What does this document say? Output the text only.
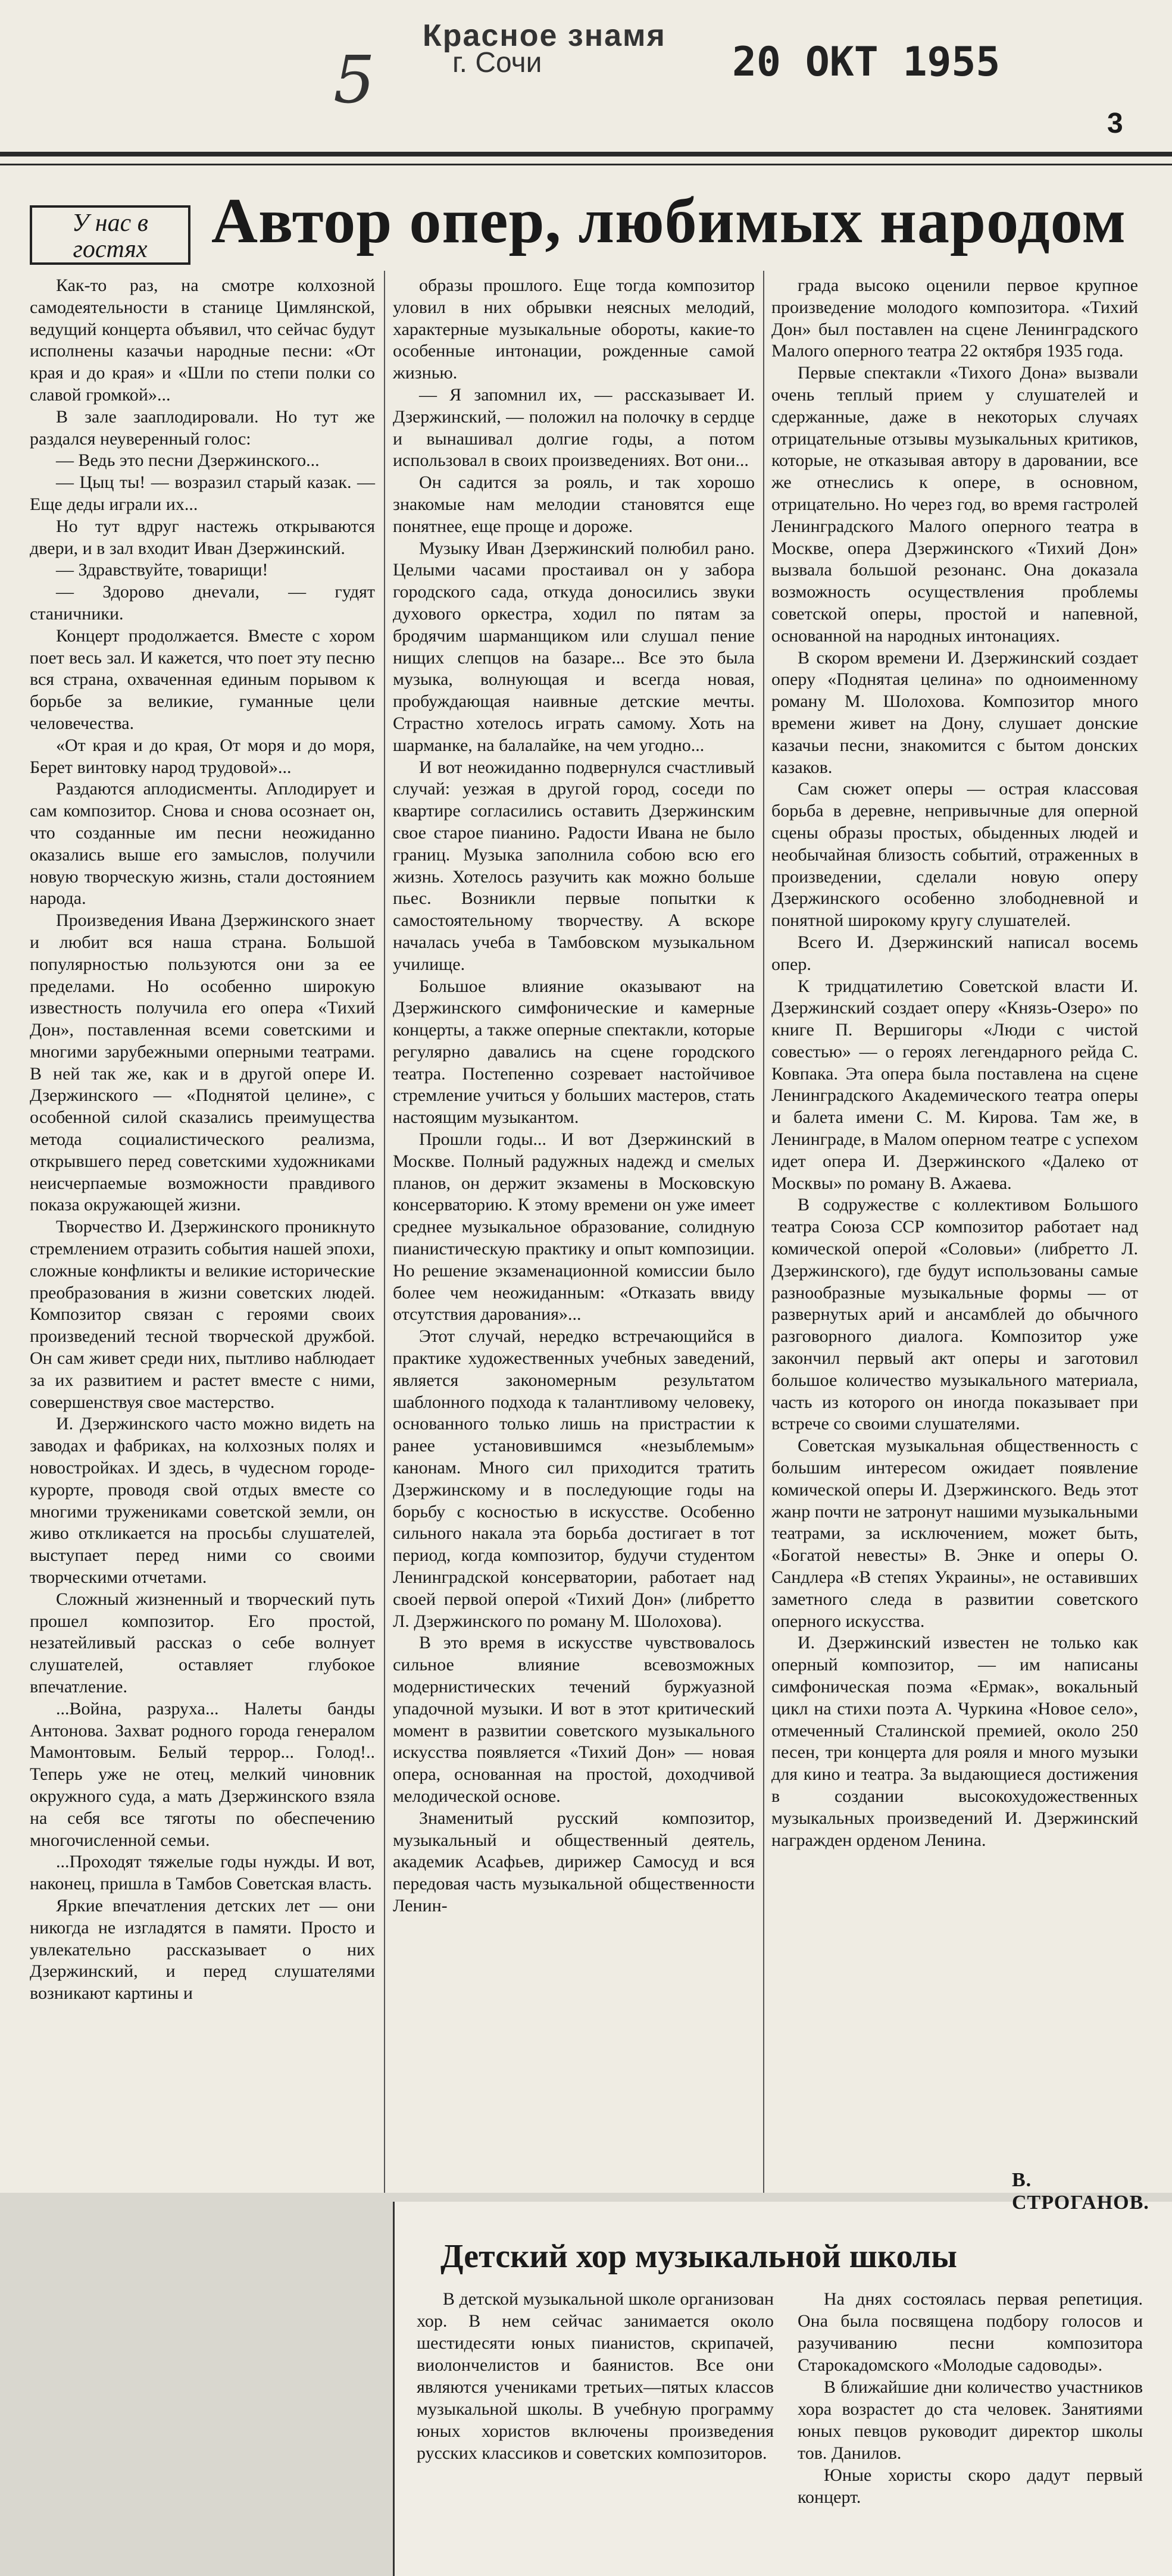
5
Красное знамя
г. Сочи	20 ОКТ 1955
3
У нас в гостях Автор опер, любимых народом

Как-то раз, на смотре колхозной самодеятельности в станице Цимлянской, ведущий концерта объявил, что сейчас будут исполнены казачьи народные песни: «От края и до края» и «Шли по степи полки со славой громкой»...

В зале зааплодировали. Но тут же раздался неуверенный голос:

— Ведь это песни Дзержинского...

— Цыц ты! — возразил старый казак. — Еще деды играли их...

Но тут вдруг настежь открываются двери, и в зал входит Иван Дзержинский.

— Здравствуйте, товарищи!

— Здорово днevали, — гудят станичники.

Концерт продолжается. Вместе с хором поет весь зал. И кажется, что поет эту песню вся страна, охваченная единым порывом к борьбе за великие, гуманные цели человечества.

«От края и до края, От моря и до моря, Берет винтовку народ трудовой»...

Раздаются аплодисменты. Аплодирует и сам композитор. Снова и снова осознает он, что созданные им песни неожиданно оказались выше его замыслов, получили новую творческую жизнь, стали достоянием народа.

Произведения Ивана Дзержинского знает и любит вся наша страна. Большой популярностью пользуются они за ее пределами. Но особенно широкую известность получила его опера «Тихий Дон», поставленная всеми советскими и многими зарубежными оперными театрами. В ней так же, как и в другой опере И. Дзержинского — «Поднятой целине», с особенной силой сказались преимущества метода социалистического реализма, открывшего перед советскими художниками неисчерпаемые возможности правдивого показа окружающей жизни.

Творчество И. Дзержинского проникнуто стремлением отразить события нашей эпохи, сложные конфликты и великие исторические преобразования в жизни советских людей. Композитор связан с героями своих произведений тесной творческой дружбой. Он сам живет среди них, пытливо наблюдает за их развитием и растет вместе с ними, совершенствуя свое мастерство.

И. Дзержинского часто можно видеть на заводах и фабриках, на колхозных полях и новостройках. И здесь, в чудесном городе-курорте, проводя свой отдых вместе со многими тружениками советской земли, он живо откликается на просьбы слушателей, выступает перед ними со своими творческими отчетами.

Сложный жизненный и творческий путь прошел композитор. Его простой, незатейливый рассказ о себе волнует слушателей, оставляет глубокое впечатление.

...Война, разруха... Налеты банды Антонова. Захват родного города генералом Мамонтовым. Белый террор... Голод!.. Теперь уже не отец, мелкий чиновник окружного суда, а мать Дзержинского взяла на себя все тяготы по обеспечению многочисленной семьи.

...Проходят тяжелые годы нужды. И вот, наконец, пришла в Тамбов Советская власть.

Яркие впечатления детских лет — они никогда не изгладятся в памяти. Просто и увлекательно рассказывает о них Дзержинский, и перед слушателями возникают картины и

образы прошлого. Еще тогда композитор уловил в них обрывки неясных мелодий, характерные музыкальные обороты, какие-то особенные интонации, рожденные самой жизнью.

— Я запомнил их, — рассказывает И. Дзержинский, — положил на полочку в сердце и вынашивал долгие годы, а потом использовал в своих произведениях. Вот они...

Он садится за рояль, и так хорошо знакомые нам мелодии становятся еще понятнее, еще проще и дороже.

Музыку Иван Дзержинский полюбил рано. Целыми часами простаивал он у забора городского сада, откуда доносились звуки духового оркестра, ходил по пятам за бродячим шарманщиком или слушал пение нищих слепцов на базаре... Все это была музыка, волнующая и всегда новая, пробуждающая наивные детские мечты. Страстно хотелось играть самому. Хоть на шарманке, на балалайке, на чем угодно...

И вот неожиданно подвернулся счастливый случай: уезжая в другой город, соседи по квартире согласились оставить Дзержинским свое старое пианино. Радости Ивана не было границ. Музыка заполнила собою всю его жизнь. Хотелось разучить как можно больше пьес. Возникли первые попытки к самостоятельному творчеству. А вскоре началась учеба в Тамбовском музыкальном училище.

Большое влияние оказывают на Дзержинского симфонические и камерные концерты, а также оперные спектакли, которые регулярно давались на сцене городского театра. Постепенно созревает настойчивое стремление учиться у больших мастеров, стать настоящим музыкантом.

Прошли годы... И вот Дзержинский в Москве. Полный радужных надежд и смелых планов, он держит экзамены в Московскую консерваторию. К этому времени он уже имеет среднее музыкальное образование, солидную пианистическую практику и опыт композиции. Но решение экзаменационной комиссии было более чем неожиданным: «Отказать ввиду отсутствия дарования»...

Этот случай, нередко встречающийся в практике художественных учебных заведений, является закономерным результатом шаблонного подхода к талантливому человеку, основанного только лишь на пристрастии к ранее установившимся «незыблемым» канонам. Много сил приходится тратить Дзержинскому и в последующие годы на борьбу с косностью в искусстве. Особенно сильного накала эта борьба достигает в тот период, когда композитор, будучи студентом Ленинградской консерватории, работает над своей первой оперой «Тихий Дон» (либретто Л. Дзержинского по роману М. Шолохова).

В это время в искусстве чувствовалось сильное влияние всевозможных модернистических течений буржуазной упадочной музыки. И вот в этот критический момент в развитии советского музыкального искусства появляется «Тихий Дон» — новая опера, основанная на простой, доходчивой мелодической основе.

Знаменитый русский композитор, музыкальный и общественный деятель, академик Асафьев, дирижер Самосуд и вся передовая часть музыкальной общественности Ленин-

града высоко оценили первое крупное произведение молодого композитора. «Тихий Дон» был поставлен на сцене Ленинградского Малого оперного театра 22 октября 1935 года.

Первые спектакли «Тихого Дона» вызвали очень теплый прием у слушателей и сдержанные, даже в некоторых случаях отрицательные отзывы музыкальных критиков, которые, не отказывая автору в даровании, все же отнеслись к опере, в основном, отрицательно. Но через год, во время гастролей Ленинградского Малого оперного театра в Москве, опера Дзержинского «Тихий Дон» вызвала большой резонанс. Она доказала возможность осуществления проблемы советской оперы, простой и напевной, основанной на народных интонациях.

В скором времени И. Дзержинский создает оперу «Поднятая целина» по одноименному роману М. Шолохова. Композитор много времени живет на Дону, слушает донские казачьи песни, знакомится с бытом донских казаков.

Сам сюжет оперы — острая классовая борьба в деревне, непривычные для оперной сцены образы простых, обыденных людей и необычайная близость событий, отраженных в произведении, сделали новую оперу Дзержинского особенно злободневной и понятной широкому кругу слушателей.

Всего И. Дзержинский написал восемь опер.

К тридцатилетию Советской власти И. Дзержинский создает оперу «Князь-Озеро» по книге П. Вершигоры «Люди с чистой совестью» — о героях легендарного рейда С. Ковпака. Эта опера была поставлена на сцене Ленинградского Академического театра оперы и балета имени С. М. Кирова. Там же, в Ленинграде, в Малом оперном театре с успехом идет опера И. Дзержинского «Далеко от Москвы» по роману В. Ажаева.

В содружестве с коллективом Большого театра Союза ССР композитор работает над комической оперой «Соловьи» (либретто Л. Дзержинского), где будут использованы самые разнообразные музыкальные формы — от развернутых арий и ансамблей до обычного разговорного диалога. Композитор уже закончил первый акт оперы и заготовил большое количество музыкального материала, часть из которого он иногда показывает при встрече со своими слушателями.

Советская музыкальная общественность с большим интересом ожидает появление комической оперы И. Дзержинского. Ведь этот жанр почти не затронут нашими музыкальными театрами, за исключением, может быть, «Богатой невесты» В. Энке и оперы О. Сандлера «В степях Украины», не оставивших заметного следа в развитии советского оперного искусства.

И. Дзержинский известен не только как оперный композитор, — им написаны симфоническая поэма «Ермак», вокальный цикл на стихи поэта А. Чуркина «Новое село», отмеченный Сталинской премией, около 250 песен, три концерта для рояля и много музыки для кино и театра. За выдающиеся достижения в создании высокохудожественных музыкальных произведений И. Дзержинский награжден орденом Ленина.

В. СТРОГАНОВ.
Детский хор музыкальной школы

В детской музыкальной школе организован хор. В нем сейчас занимается около шестидесяти юных пианистов, скрипачей, виолончелистов и баянистов. Все они являются учениками третьих—пятых классов музыкальной школы. В учебную программу юных хористов включены произведения русских классиков и советских композиторов.

На днях состоялась первая репетиция. Она была посвящена подбору голосов и разучиванию песни композитора Старокадомского «Молодые садоводы».

В ближайшие дни количество участников хора возрастет до ста человек. Занятиями юных певцов руководит директор школы тов. Данилов.

Юные хористы скоро дадут первый концерт.
